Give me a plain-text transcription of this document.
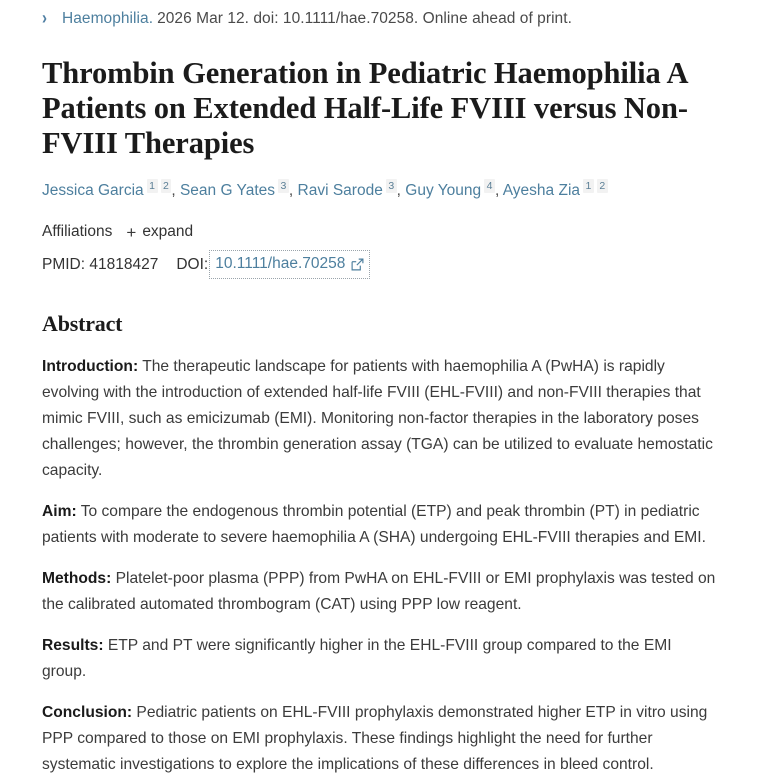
› Haemophilia. 2026 Mar 12. doi: 10.1111/hae.70258. Online ahead of print.
Thrombin Generation in Pediatric Haemophilia A Patients on Extended Half-Life FVIII versus Non-FVIII Therapies
Jessica Garcia $^1$ $^2$ , Sean G Yates $^3$ , Ravi Sarode $^3$ , Guy Young $^4$ , Ayesha Zia $^1$ $^2$
Affiliations + expand
PMID: 41818427 DOI: 10.1111/hae.70258
Abstract

Introduction: The therapeutic landscape for patients with haemophilia A (PwHA) is rapidly evolving with the introduction of extended half-life FVIII (EHL-FVIII) and non-FVIII therapies that mimic FVIII, such as emicizumab (EMI). Monitoring non-factor therapies in the laboratory poses challenges; however, the thrombin generation assay (TGA) can be utilized to evaluate hemostatic capacity.

Aim: To compare the endogenous thrombin potential (ETP) and peak thrombin (PT) in pediatric patients with moderate to severe haemophilia A (SHA) undergoing EHL-FVIII therapies and EMI.

Methods: Platelet-poor plasma (PPP) from PwHA on EHL-FVIII or EMI prophylaxis was tested on the calibrated automated thrombogram (CAT) using PPP low reagent.

Results: ETP and PT were significantly higher in the EHL-FVIII group compared to the EMI group.

Conclusion: Pediatric patients on EHL-FVIII prophylaxis demonstrated higher ETP in vitro using PPP compared to those on EMI prophylaxis. These findings highlight the need for further systematic investigations to explore the implications of these differences in bleed control.
